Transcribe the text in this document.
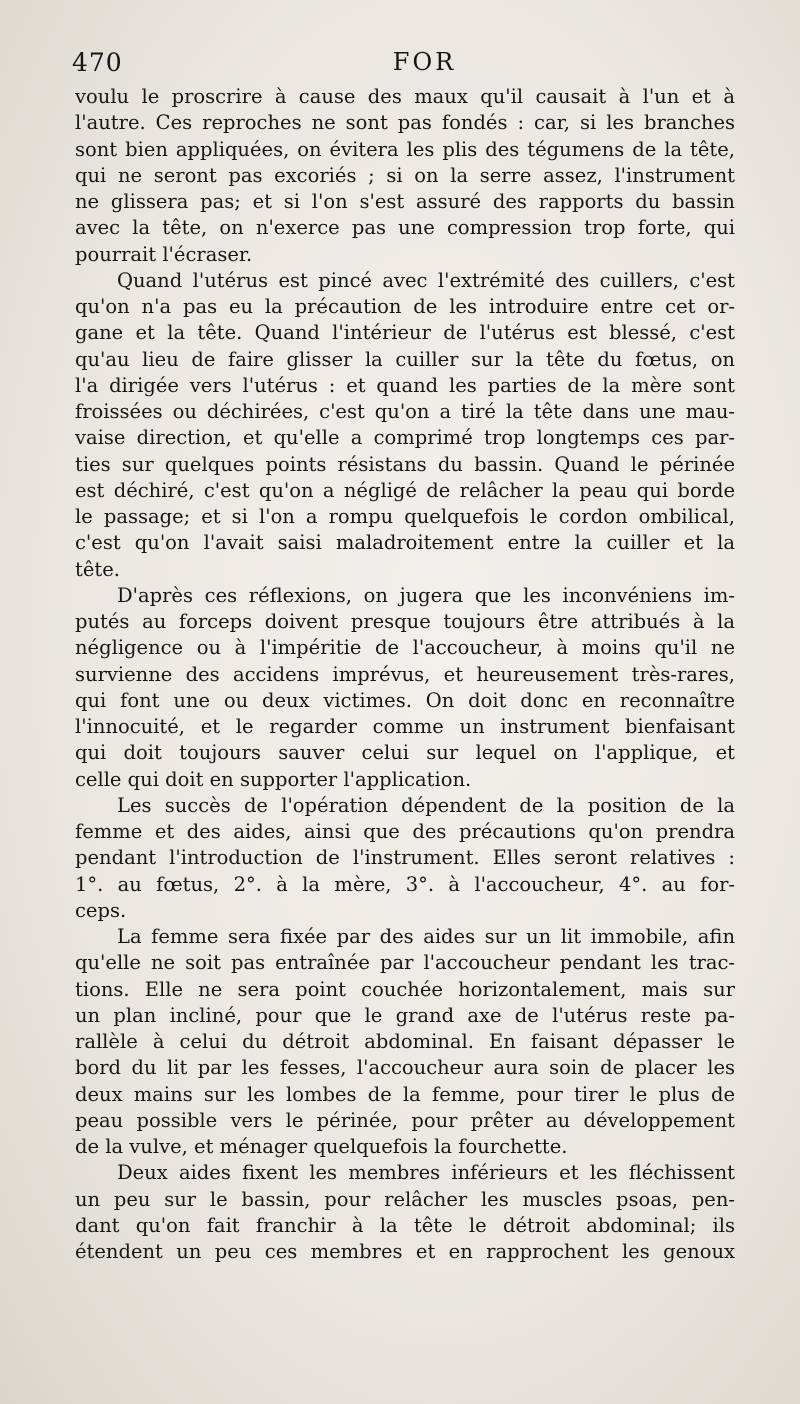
470	FOR
voulu le proscrire à cause des maux qu'il causait à l'un et à
l'autre. Ces reproches ne sont pas fondés : car, si les branches
sont bien appliquées, on évitera les plis des tégumens de la tête,
qui ne seront pas excoriés ; si on la serre assez, l'instrument
ne glissera pas; et si l'on s'est assuré des rapports du bassin
avec la tête, on n'exerce pas une compression trop forte, qui
pourrait l'écraser.
Quand l'utérus est pincé avec l'extrémité des cuillers, c'est
qu'on n'a pas eu la précaution de les introduire entre cet or-
gane et la tête. Quand l'intérieur de l'utérus est blessé, c'est
qu'au lieu de faire glisser la cuiller sur la tête du fœtus, on
l'a dirigée vers l'utérus : et quand les parties de la mère sont
froissées ou déchirées, c'est qu'on a tiré la tête dans une mau-
vaise direction, et qu'elle a comprimé trop longtemps ces par-
ties sur quelques points résistans du bassin. Quand le périnée
est déchiré, c'est qu'on a négligé de relâcher la peau qui borde
le passage; et si l'on a rompu quelquefois le cordon ombilical,
c'est qu'on l'avait saisi maladroitement entre la cuiller et la
tête.
D'après ces réflexions, on jugera que les inconvéniens im-
putés au forceps doivent presque toujours être attribués à la
négligence ou à l'impéritie de l'accoucheur, à moins qu'il ne
survienne des accidens imprévus, et heureusement très-rares,
qui font une ou deux victimes. On doit donc en reconnaître
l'innocuité, et le regarder comme un instrument bienfaisant
qui doit toujours sauver celui sur lequel on l'applique, et
celle qui doit en supporter l'application.
Les succès de l'opération dépendent de la position de la
femme et des aides, ainsi que des précautions qu'on prendra
pendant l'introduction de l'instrument. Elles seront relatives :
1°. au fœtus, 2°. à la mère, 3°. à l'accoucheur, 4°. au for-
ceps.
La femme sera fixée par des aides sur un lit immobile, afin
qu'elle ne soit pas entraînée par l'accoucheur pendant les trac-
tions. Elle ne sera point couchée horizontalement, mais sur
un plan incliné, pour que le grand axe de l'utérus reste pa-
rallèle à celui du détroit abdominal. En faisant dépasser le
bord du lit par les fesses, l'accoucheur aura soin de placer les
deux mains sur les lombes de la femme, pour tirer le plus de
peau possible vers le périnée, pour prêter au développement
de la vulve, et ménager quelquefois la fourchette.
Deux aides fixent les membres inférieurs et les fléchissent
un peu sur le bassin, pour relâcher les muscles psoas, pen-
dant qu'on fait franchir à la tête le détroit abdominal; ils
étendent un peu ces membres et en rapprochent les genoux
